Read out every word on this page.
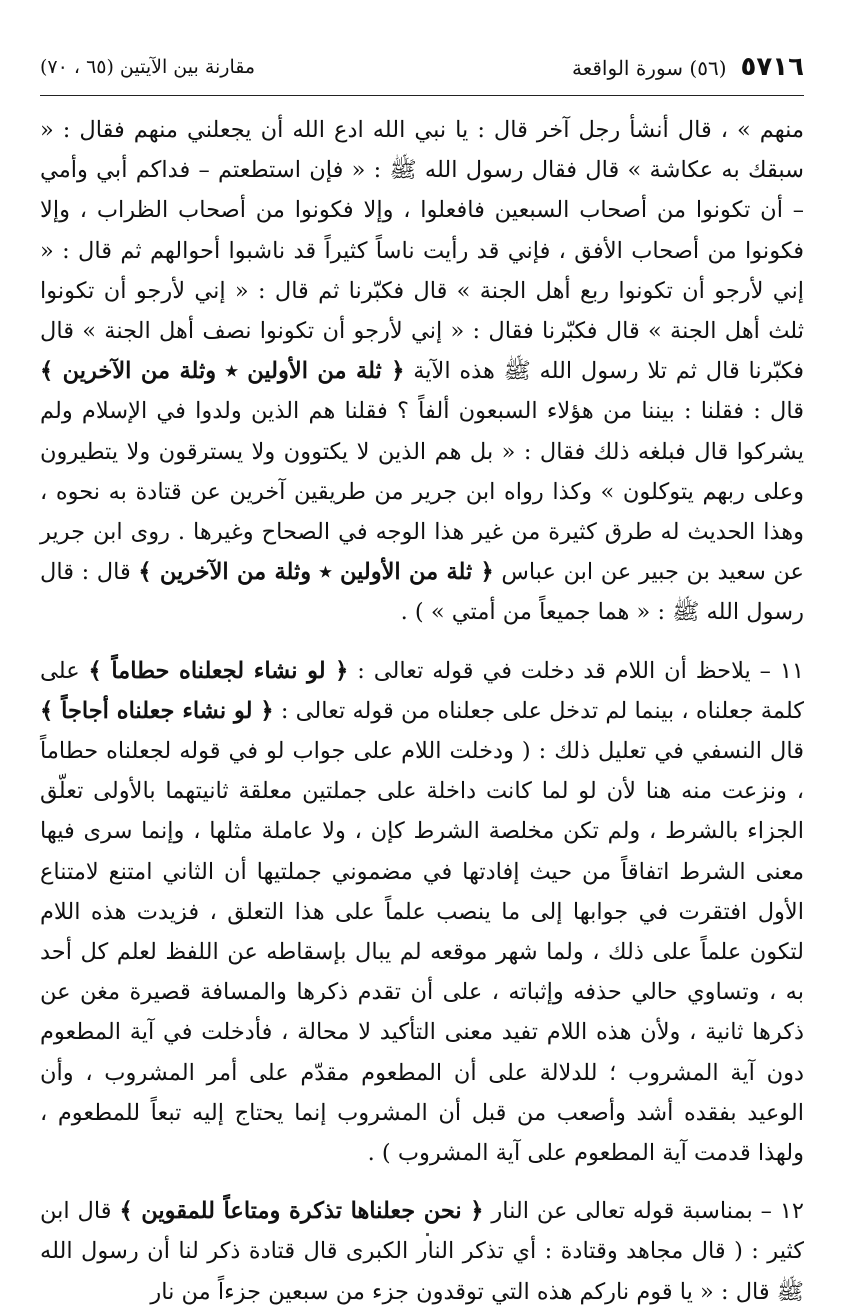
٥٧١٦
(٥٦) سورة الواقعة
مقارنة بين الآيتين (٦٥ ، ٧٠)

منهم » ، قال أنشأ رجل آخر قال : يا نبي الله ادع الله أن يجعلني منهم فقال : « سبقك به عكاشة » قال فقال رسول الله ﷺ : « فإن استطعتم – فداكم أبي وأمي – أن تكونوا من أصحاب السبعين فافعلوا ، وإلا فكونوا من أصحاب الظراب ، وإلا فكونوا من أصحاب الأفق ، فإني قد رأيت ناساً كثيراً قد ناشبوا أحوالهم ثم قال : « إني لأرجو أن تكونوا ربع أهل الجنة » قال فكبّرنا ثم قال : « إني لأرجو أن تكونوا ثلث أهل الجنة » قال فكبّرنا فقال : « إني لأرجو أن تكونوا نصف أهل الجنة » قال فكبّرنا قال ثم تلا رسول الله ﷺ هذه الآية ﴿ ثلة من الأولين ٭ وثلة من الآخرين ﴾ قال : فقلنا : بيننا من هؤلاء السبعون ألفاً ؟ فقلنا هم الذين ولدوا في الإسلام ولم يشركوا قال فبلغه ذلك فقال : « بل هم الذين لا يكتوون ولا يسترقون ولا يتطيرون وعلى ربهم يتوكلون » وكذا رواه ابن جرير من طريقين آخرين عن قتادة به نحوه ، وهذا الحديث له طرق كثيرة من غير هذا الوجه في الصحاح وغيرها . روى ابن جرير عن سعيد بن جبير عن ابن عباس ﴿ ثلة من الأولين ٭ وثلة من الآخرين ﴾ قال : قال رسول الله ﷺ : « هما جميعاً من أمتي » ) .

١١ – يلاحظ أن اللام قد دخلت في قوله تعالى : ﴿ لو نشاء لجعلناه حطاماً ﴾ على كلمة جعلناه ، بينما لم تدخل على جعلناه من قوله تعالى : ﴿ لو نشاء جعلناه أجاجاً ﴾ قال النسفي في تعليل ذلك : ( ودخلت اللام على جواب لو في قوله لجعلناه حطاماً ، ونزعت منه هنا لأن لو لما كانت داخلة على جملتين معلقة ثانيتهما بالأولى تعلّق الجزاء بالشرط ، ولم تكن مخلصة الشرط كإن ، ولا عاملة مثلها ، وإنما سرى فيها معنى الشرط اتفاقاً من حيث إفادتها في مضموني جملتيها أن الثاني امتنع لامتناع الأول افتقرت في جوابها إلى ما ينصب علماً على هذا التعلق ، فزيدت هذه اللام لتكون علماً على ذلك ، ولما شهر موقعه لم يبال بإسقاطه عن اللفظ لعلم كل أحد به ، وتساوي حالي حذفه وإثباته ، على أن تقدم ذكرها والمسافة قصيرة مغن عن ذكرها ثانية ، ولأن هذه اللام تفيد معنى التأكيد لا محالة ، فأدخلت في آية المطعوم دون آية المشروب ؛ للدلالة على أن المطعوم مقدّم على أمر المشروب ، وأن الوعيد بفقده أشد وأصعب من قبل أن المشروب إنما يحتاج إليه تبعاً للمطعوم ، ولهذا قدمت آية المطعوم على آية المشروب ) .

١٢ – بمناسبة قوله تعالى عن النار ﴿ نحن جعلناها تذكرة ومتاعاً للمقوين ﴾ قال ابن كثير : ( قال مجاهد وقتادة : أي تذكر النار الكبرى قال قتادة ذكر لنا أن رسول الله ﷺ قال : « يا قوم ناركم هذه التي توقدون جزء من سبعين جزءاً من نار
